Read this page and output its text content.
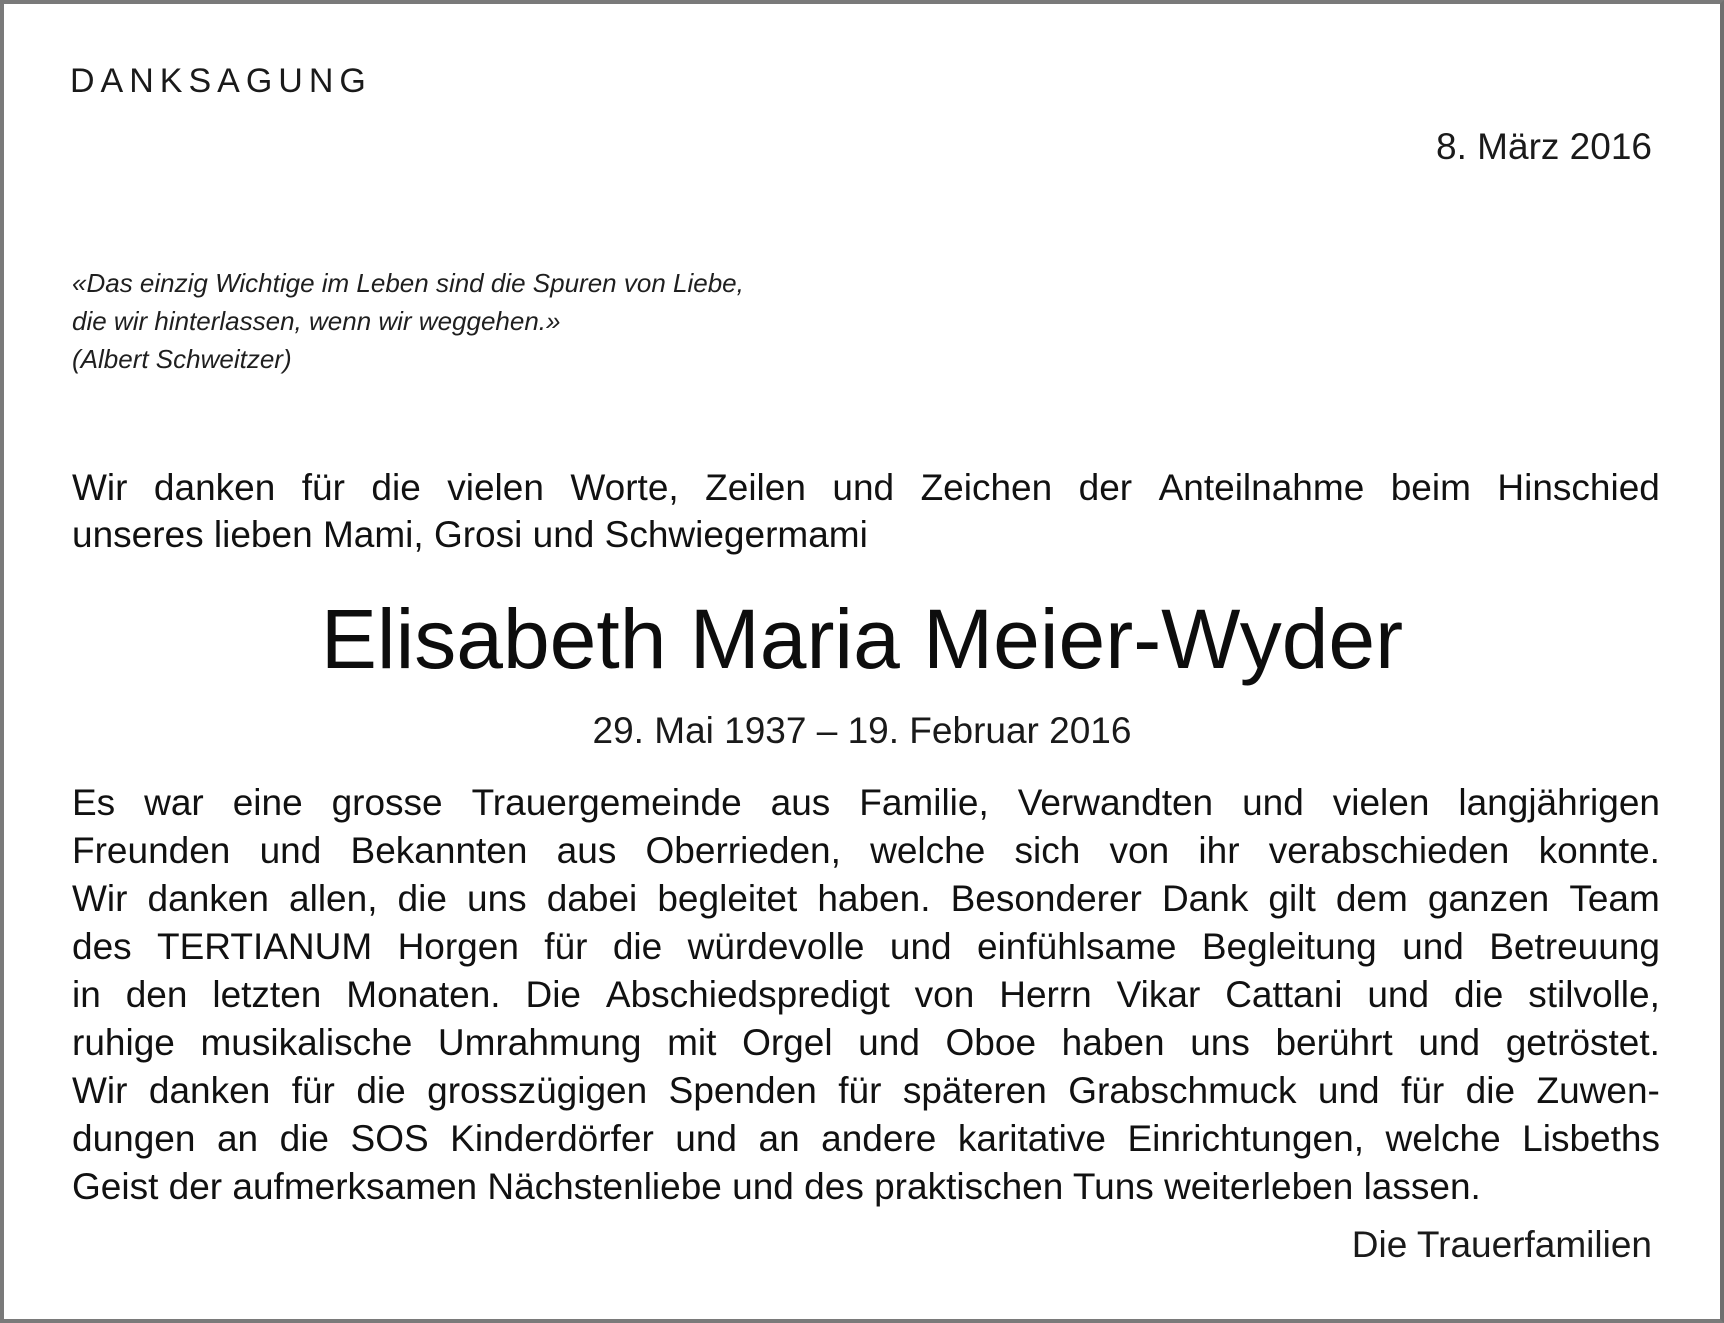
DANKSAGUNG
8. März 2016
«Das einzig Wichtige im Leben sind die Spuren von Liebe,
die wir hinterlassen, wenn wir weggehen.»
(Albert Schweitzer)
Wir danken für die vielen Worte, Zeilen und Zeichen der Anteilnahme beim Hinschied
unseres lieben Mami, Grosi und Schwiegermami
Elisabeth Maria Meier-Wyder
29. Mai 1937 – 19. Februar 2016
Es war eine grosse Trauergemeinde aus Familie, Verwandten und vielen langjährigen
Freunden und Bekannten aus Oberrieden, welche sich von ihr verabschieden konnte.
Wir danken allen, die uns dabei begleitet haben. Besonderer Dank gilt dem ganzen Team
des TERTIANUM Horgen für die würdevolle und einfühlsame Begleitung und Betreuung
in den letzten Monaten. Die Abschiedspredigt von Herrn Vikar Cattani und die stilvolle,
ruhige musikalische Umrahmung mit Orgel und Oboe haben uns berührt und getröstet.
Wir danken für die grosszügigen Spenden für späteren Grabschmuck und für die Zuwen-
dungen an die SOS Kinderdörfer und an andere karitative Einrichtungen, welche Lisbeths
Geist der aufmerksamen Nächstenliebe und des praktischen Tuns weiterleben lassen.
Die Trauerfamilien
